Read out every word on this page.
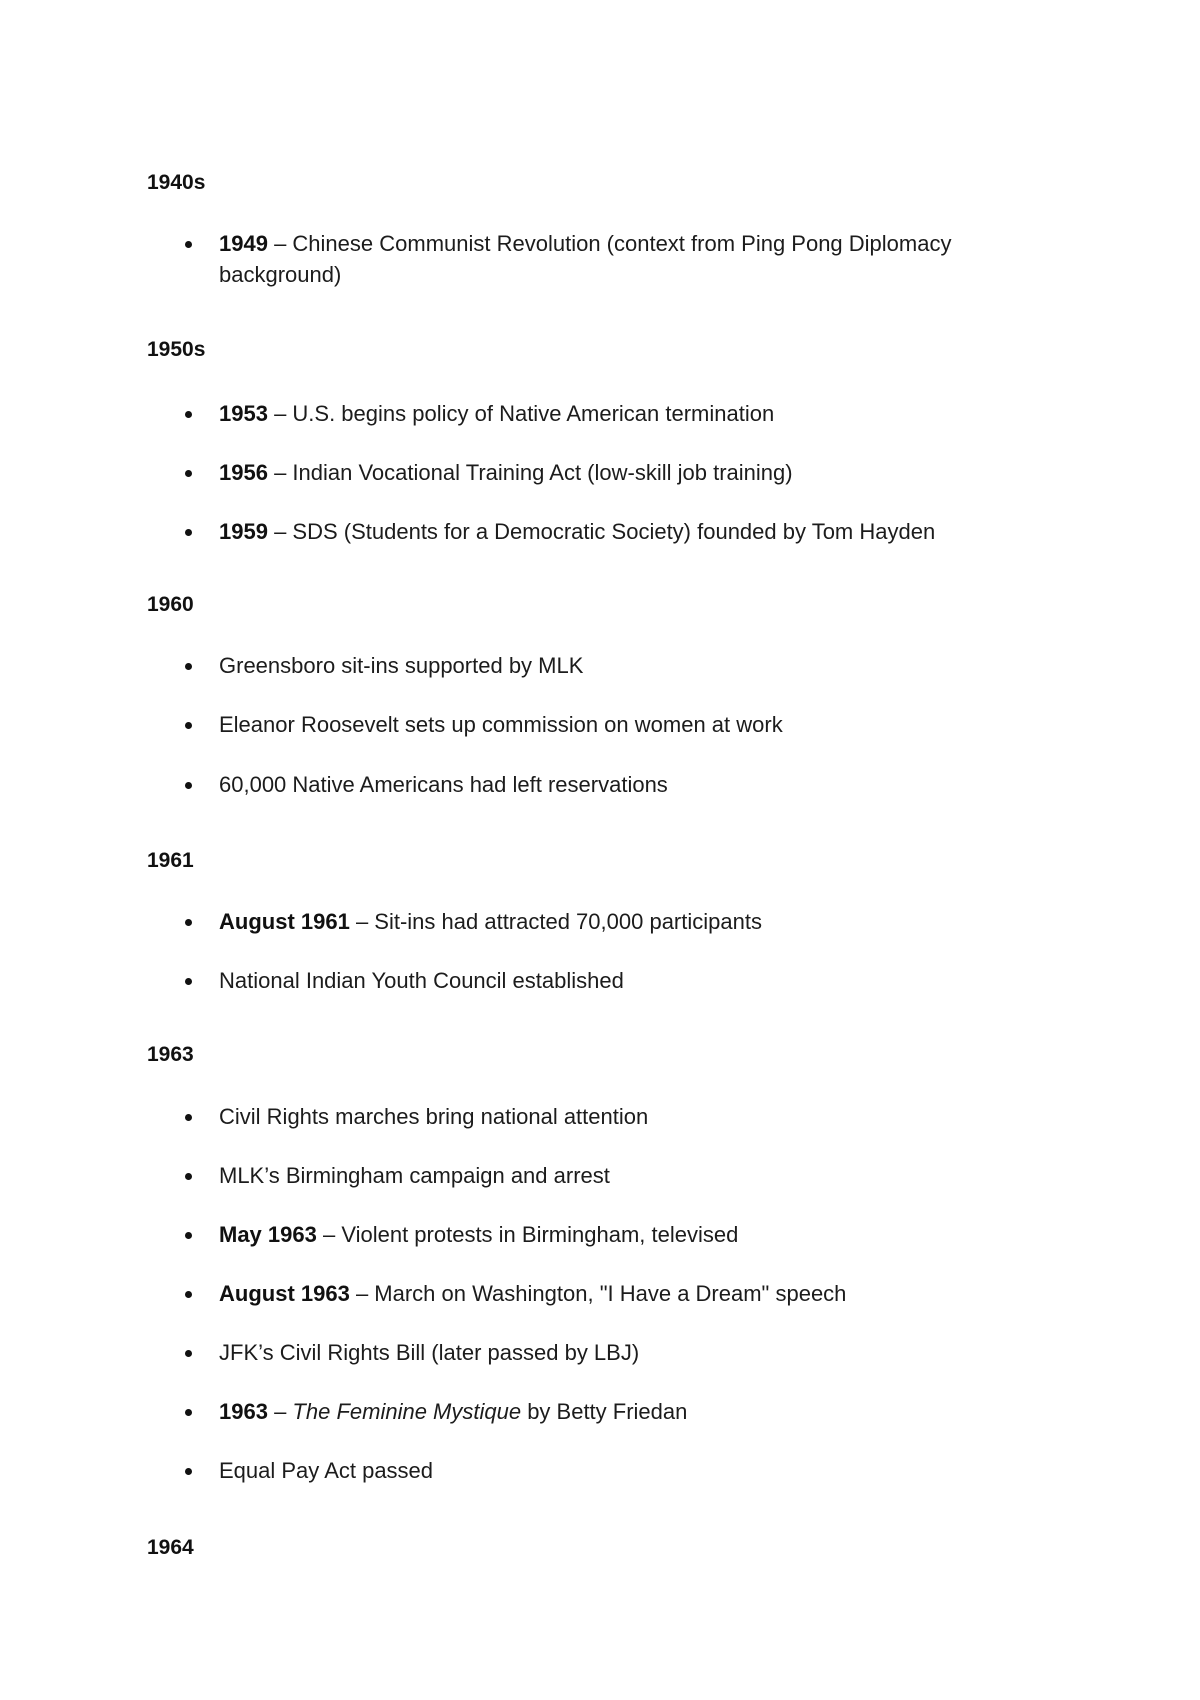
1940s
1949 – Chinese Communist Revolution (context from Ping Pong Diplomacy background)
1950s
1953 – U.S. begins policy of Native American termination
1956 – Indian Vocational Training Act (low-skill job training)
1959 – SDS (Students for a Democratic Society) founded by Tom Hayden
1960
Greensboro sit-ins supported by MLK
Eleanor Roosevelt sets up commission on women at work
60,000 Native Americans had left reservations
1961
August 1961 – Sit-ins had attracted 70,000 participants
National Indian Youth Council established
1963
Civil Rights marches bring national attention
MLK’s Birmingham campaign and arrest
May 1963 – Violent protests in Birmingham, televised
August 1963 – March on Washington, "I Have a Dream" speech
JFK’s Civil Rights Bill (later passed by LBJ)
1963 – The Feminine Mystique by Betty Friedan
Equal Pay Act passed
1964
